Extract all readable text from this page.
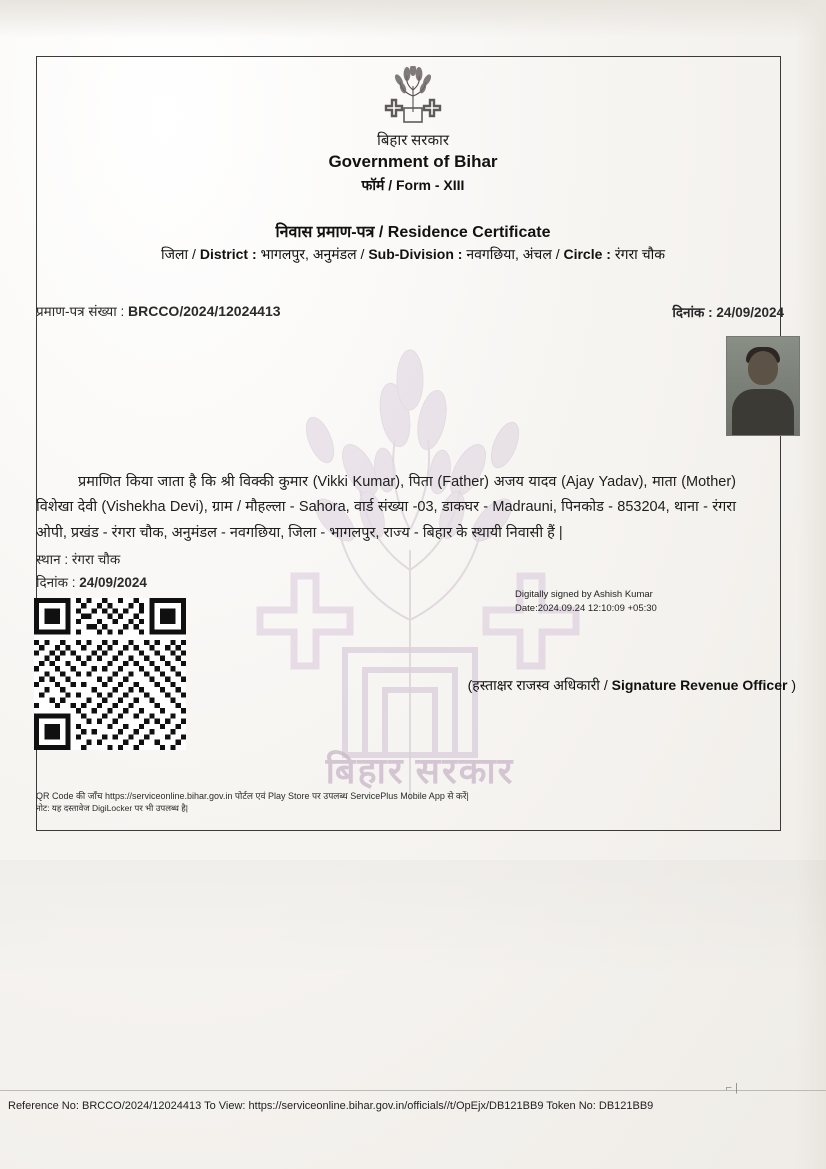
बिहार सरकार
बिहार सरकार
Government of Bihar
फॉर्म / Form - XIII
निवास प्रमाण-पत्र / Residence Certificate
जिला / District : भागलपुर, अनुमंडल / Sub-Division : नवगछिया, अंचल / Circle : रंगरा चौक
प्रमाण-पत्र संख्या : BRCCO/2024/12024413	दिनांक : 24/09/2024
प्रमाणित किया जाता है कि श्री विक्की कुमार (Vikki Kumar), पिता (Father) अजय यादव (Ajay Yadav), माता (Mother) विशेखा देवी (Vishekha Devi), ग्राम / मौहल्ला - Sahora, वार्ड संख्या -03, डाकघर - Madrauni, पिनकोड - 853204, थाना - रंगरा ओपी, प्रखंड - रंगरा चौक, अनुमंडल - नवगछिया, जिला - भागलपुर, राज्य - बिहार के स्थायी निवासी हैं |
स्थान : रंगरा चौक
दिनांक : 24/09/2024
Digitally signed by Ashish Kumar
Date:2024.09.24 12:10:09 +05:30
(हस्ताक्षर राजस्व अधिकारी / Signature Revenue Officer )
QR Code की जाँच https://serviceonline.bihar.gov.in पोर्टल एवं Play Store पर उपलब्ध ServicePlus Mobile App से करें|
नोट: यह दस्तावेज DigiLocker पर भी उपलब्ध है|
⌐ |
Reference No: BRCCO/2024/12024413 To View: https://serviceonline.bihar.gov.in/officials//t/OpEjx/DB121BB9 Token No: DB121BB9
